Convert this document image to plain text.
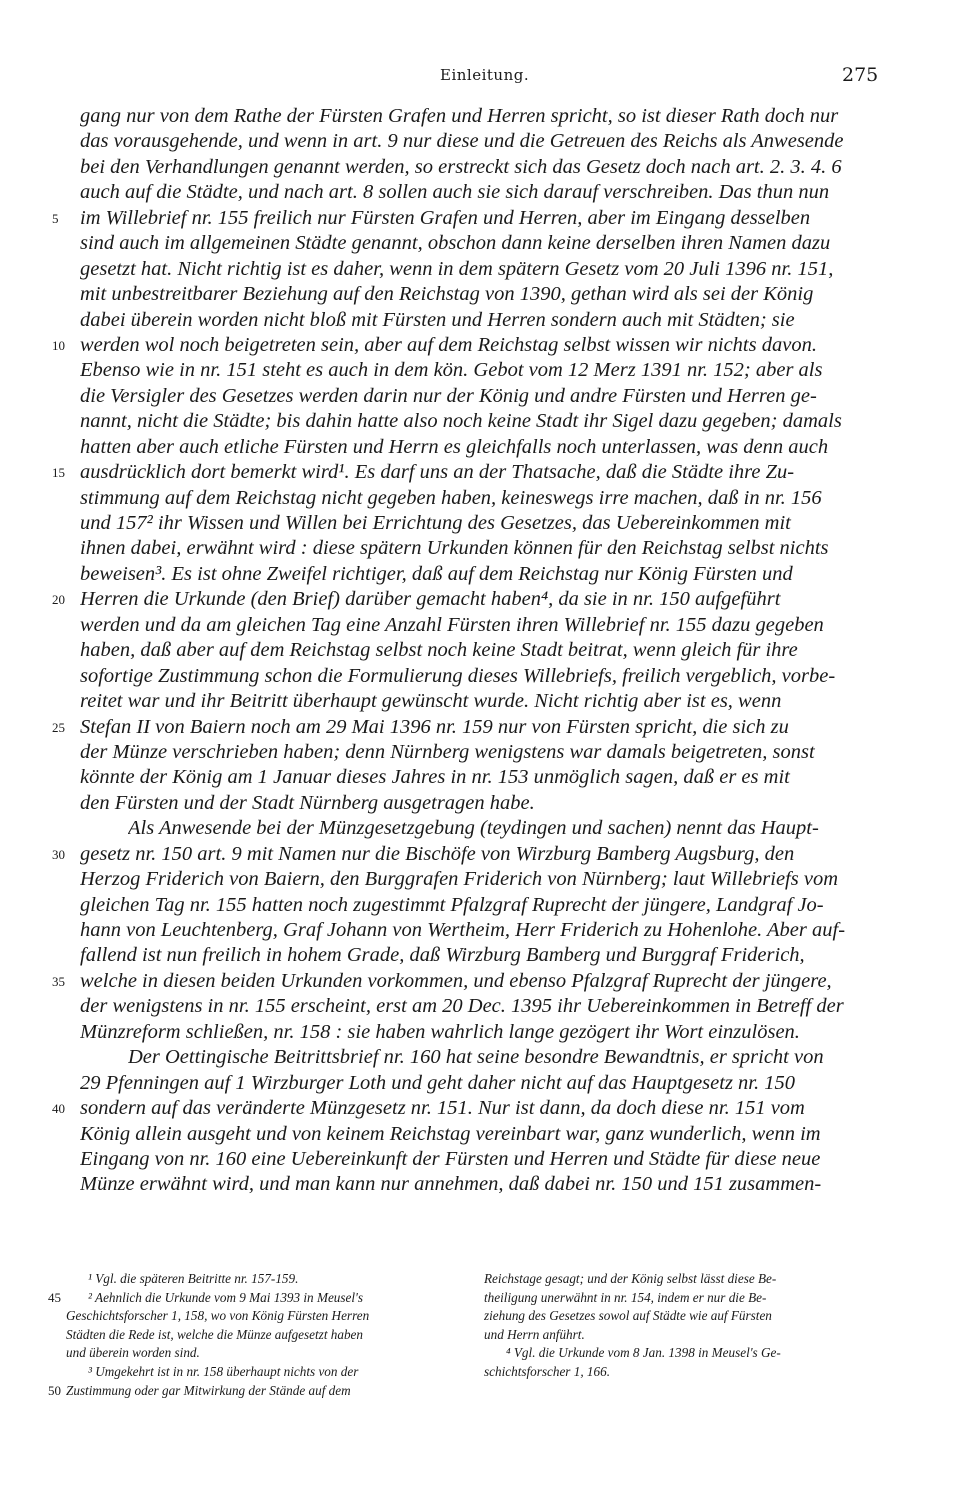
Einleitung.	275
gang nur von dem Rathe der Fürsten Grafen und Herren spricht, so ist dieser Rath doch nur
das vorausgehende, und wenn in art. 9 nur diese und die Getreuen des Reichs als Anwesende
bei den Verhandlungen genannt werden, so erstreckt sich das Gesetz doch nach art. 2. 3. 4. 6
auch auf die Städte, und nach art. 8 sollen auch sie sich darauf verschreiben. Das thun nun
5	im Willebrief nr. 155 freilich nur Fürsten Grafen und Herren, aber im Eingang desselben
sind auch im allgemeinen Städte genannt, obschon dann keine derselben ihren Namen dazu
gesetzt hat. Nicht richtig ist es daher, wenn in dem spätern Gesetz vom 20 Juli 1396 nr. 151,
mit unbestreitbarer Beziehung auf den Reichstag von 1390, gethan wird als sei der König
dabei überein worden nicht bloß mit Fürsten und Herren sondern auch mit Städten; sie
10 werden wol noch beigetreten sein, aber auf dem Reichstag selbst wissen wir nichts davon.
Ebenso wie in nr. 151 steht es auch in dem kön. Gebot vom 12 Merz 1391 nr. 152; aber als
die Versigler des Gesetzes werden darin nur der König und andre Fürsten und Herren ge-
nannt, nicht die Städte; bis dahin hatte also noch keine Stadt ihr Sigel dazu gegeben; damals
hatten aber auch etliche Fürsten und Herrn es gleichfalls noch unterlassen, was denn auch
15 ausdrücklich dort bemerkt wird¹. Es darf uns an der Thatsache, daß die Städte ihre Zu-
stimmung auf dem Reichstag nicht gegeben haben, keineswegs irre machen, daß in nr. 156
und 157² ihr Wissen und Willen bei Errichtung des Gesetzes, das Uebereinkommen mit
ihnen dabei, erwähnt wird : diese spätern Urkunden können für den Reichstag selbst nichts
beweisen³. Es ist ohne Zweifel richtiger, daß auf dem Reichstag nur König Fürsten und
20 Herren die Urkunde (den Brief) darüber gemacht haben⁴, da sie in nr. 150 aufgeführt
werden und da am gleichen Tag eine Anzahl Fürsten ihren Willebrief nr. 155 dazu gegeben
haben, daß aber auf dem Reichstag selbst noch keine Stadt beitrat, wenn gleich für ihre
sofortige Zustimmung schon die Formulierung dieses Willebriefs, freilich vergeblich, vorbe-
reitet war und ihr Beitritt überhaupt gewünscht wurde. Nicht richtig aber ist es, wenn
25 Stefan II von Baiern noch am 29 Mai 1396 nr. 159 nur von Fürsten spricht, die sich zu
der Münze verschrieben haben; denn Nürnberg wenigstens war damals beigetreten, sonst
könnte der König am 1 Januar dieses Jahres in nr. 153 unmöglich sagen, daß er es mit
den Fürsten und der Stadt Nürnberg ausgetragen habe.
Als Anwesende bei der Münzgesetzgebung (teydingen und sachen) nennt das Haupt-
30 gesetz nr. 150 art. 9 mit Namen nur die Bischöfe von Wirzburg Bamberg Augsburg, den
Herzog Friderich von Baiern, den Burggrafen Friderich von Nürnberg; laut Willebriefs vom
gleichen Tag nr. 155 hatten noch zugestimmt Pfalzgraf Ruprecht der jüngere, Landgraf Jo-
hann von Leuchtenberg, Graf Johann von Wertheim, Herr Friderich zu Hohenlohe. Aber auf-
fallend ist nun freilich in hohem Grade, daß Wirzburg Bamberg und Burggraf Friderich,
35 welche in diesen beiden Urkunden vorkommen, und ebenso Pfalzgraf Ruprecht der jüngere,
der wenigstens in nr. 155 erscheint, erst am 20 Dec. 1395 ihr Uebereinkommen in Betreff der
Münzreform schließen, nr. 158 : sie haben wahrlich lange gezögert ihr Wort einzulösen.
Der Oettingische Beitrittsbrief nr. 160 hat seine besondre Bewandtnis, er spricht von
29 Pfenningen auf 1 Wirzburger Loth und geht daher nicht auf das Hauptgesetz nr. 150
40 sondern auf das veränderte Münzgesetz nr. 151. Nur ist dann, da doch diese nr. 151 vom
König allein ausgeht und von keinem Reichstag vereinbart war, ganz wunderlich, wenn im
Eingang von nr. 160 eine Uebereinkunft der Fürsten und Herren und Städte für diese neue
Münze erwähnt wird, und man kann nur annehmen, daß dabei nr. 150 und 151 zusammen-
¹ Vgl. die späteren Beitritte nr. 157-159.
² Aehnlich die Urkunde vom 9 Mai 1393 in Meusel's
Geschichtsforscher 1, 158, wo von König Fürsten Herren
Städten die Rede ist, welche die Münze aufgesetzt haben
und überein worden sind.
³ Umgekehrt ist in nr. 158 überhaupt nichts von der
Zustimmung oder gar Mitwirkung der Stände auf dem
Reichstage gesagt; und der König selbst lässt diese Be-
theiligung unerwähnt in nr. 154, indem er nur die Be-
ziehung des Gesetzes sowol auf Städte wie auf Fürsten
und Herrn anführt.
⁴ Vgl. die Urkunde vom 8 Jan. 1398 in Meusel's Ge-
schichtsforscher 1, 166.
45
50
